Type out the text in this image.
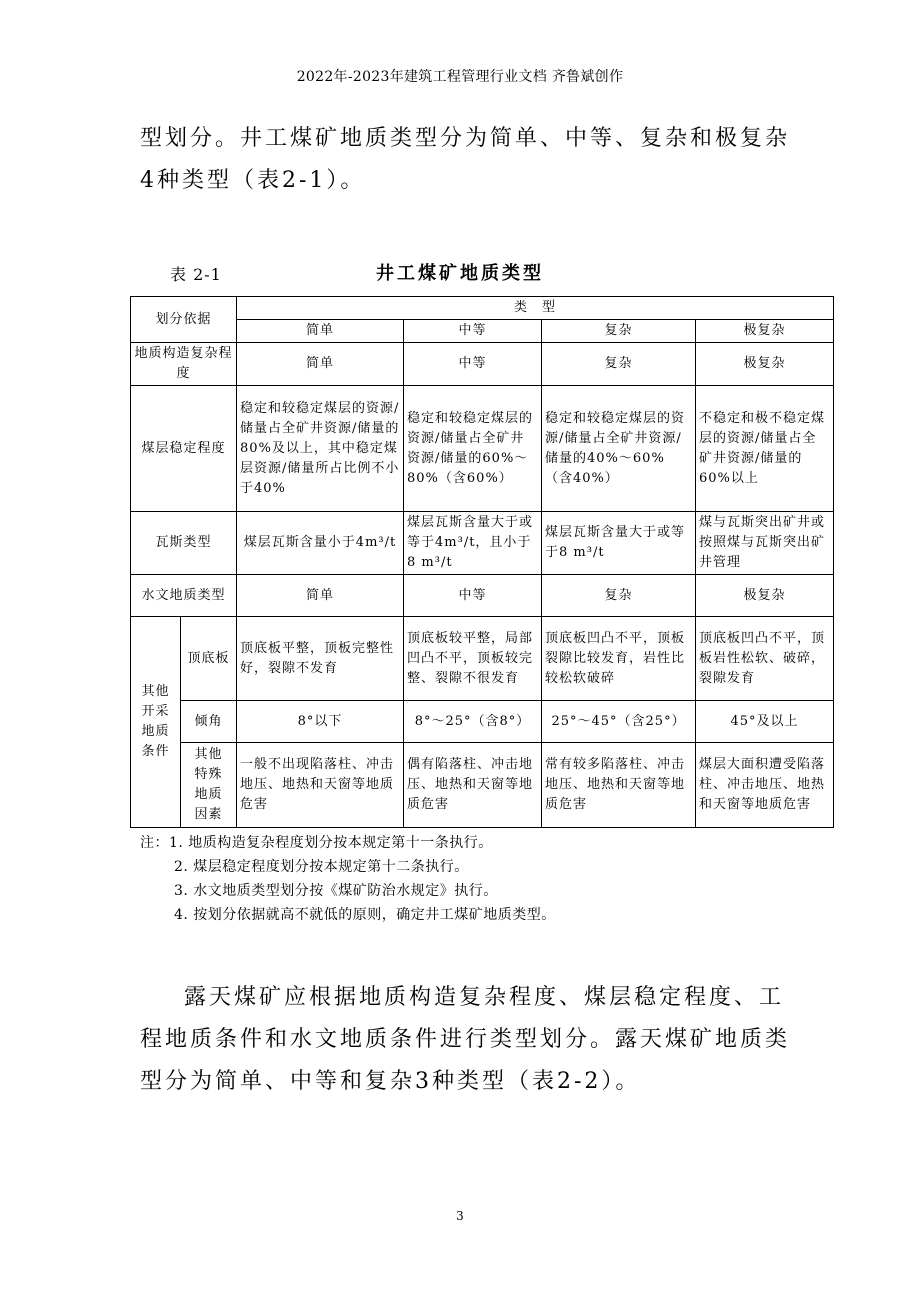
2022年-2023年建筑工程管理行业文档 齐鲁斌创作
型划分。井工煤矿地质类型分为简单、中等、复杂和极复杂4种类型（表2-1）。
表 2-1	井工煤矿地质类型
划分依据		类　型			
		简单	中等	复杂	极复杂
地质构造复杂程度		简单	中等	复杂	极复杂
煤层稳定程度		稳定和较稳定煤层的资源/储量占全矿井资源/储量的80%及以上，其中稳定煤层资源/储量所占比例不小于40%	稳定和较稳定煤层的资源/储量占全矿井资源/储量的60%～80%（含60%）	稳定和较稳定煤层的资源/储量占全矿井资源/储量的40%～60%（含40%）	不稳定和极不稳定煤层的资源/储量占全矿井资源/储量的60%以上
瓦斯类型		煤层瓦斯含量小于4m³/t	煤层瓦斯含量大于或等于4m³/t，且小于8 m³/t	煤层瓦斯含量大于或等于8 m³/t	煤与瓦斯突出矿井或按照煤与瓦斯突出矿井管理
水文地质类型		简单	中等	复杂	极复杂
其他开采地质条件	顶底板	顶底板平整，顶板完整性好，裂隙不发育	顶底板较平整，局部凹凸不平，顶板较完整、裂隙不很发育	顶底板凹凸不平，顶板裂隙比较发育，岩性比较松软破碎	顶底板凹凸不平，顶板岩性松软、破碎，裂隙发育
	倾角	8°以下	8°～25°（含8°）	25°～45°（含25°）	45°及以上
	其他特殊地质因素	一般不出现陷落柱、冲击地压、地热和天窗等地质危害	偶有陷落柱、冲击地压、地热和天窗等地质危害	常有较多陷落柱、冲击地压、地热和天窗等地质危害	煤层大面积遭受陷落柱、冲击地压、地热和天窗等地质危害
注：1. 地质构造复杂程度划分按本规定第十一条执行。
2. 煤层稳定程度划分按本规定第十二条执行。
3. 水文地质类型划分按《煤矿防治水规定》执行。
4. 按划分依据就高不就低的原则，确定井工煤矿地质类型。
露天煤矿应根据地质构造复杂程度、煤层稳定程度、工程地质条件和水文地质条件进行类型划分。露天煤矿地质类型分为简单、中等和复杂3种类型（表2-2）。
3
